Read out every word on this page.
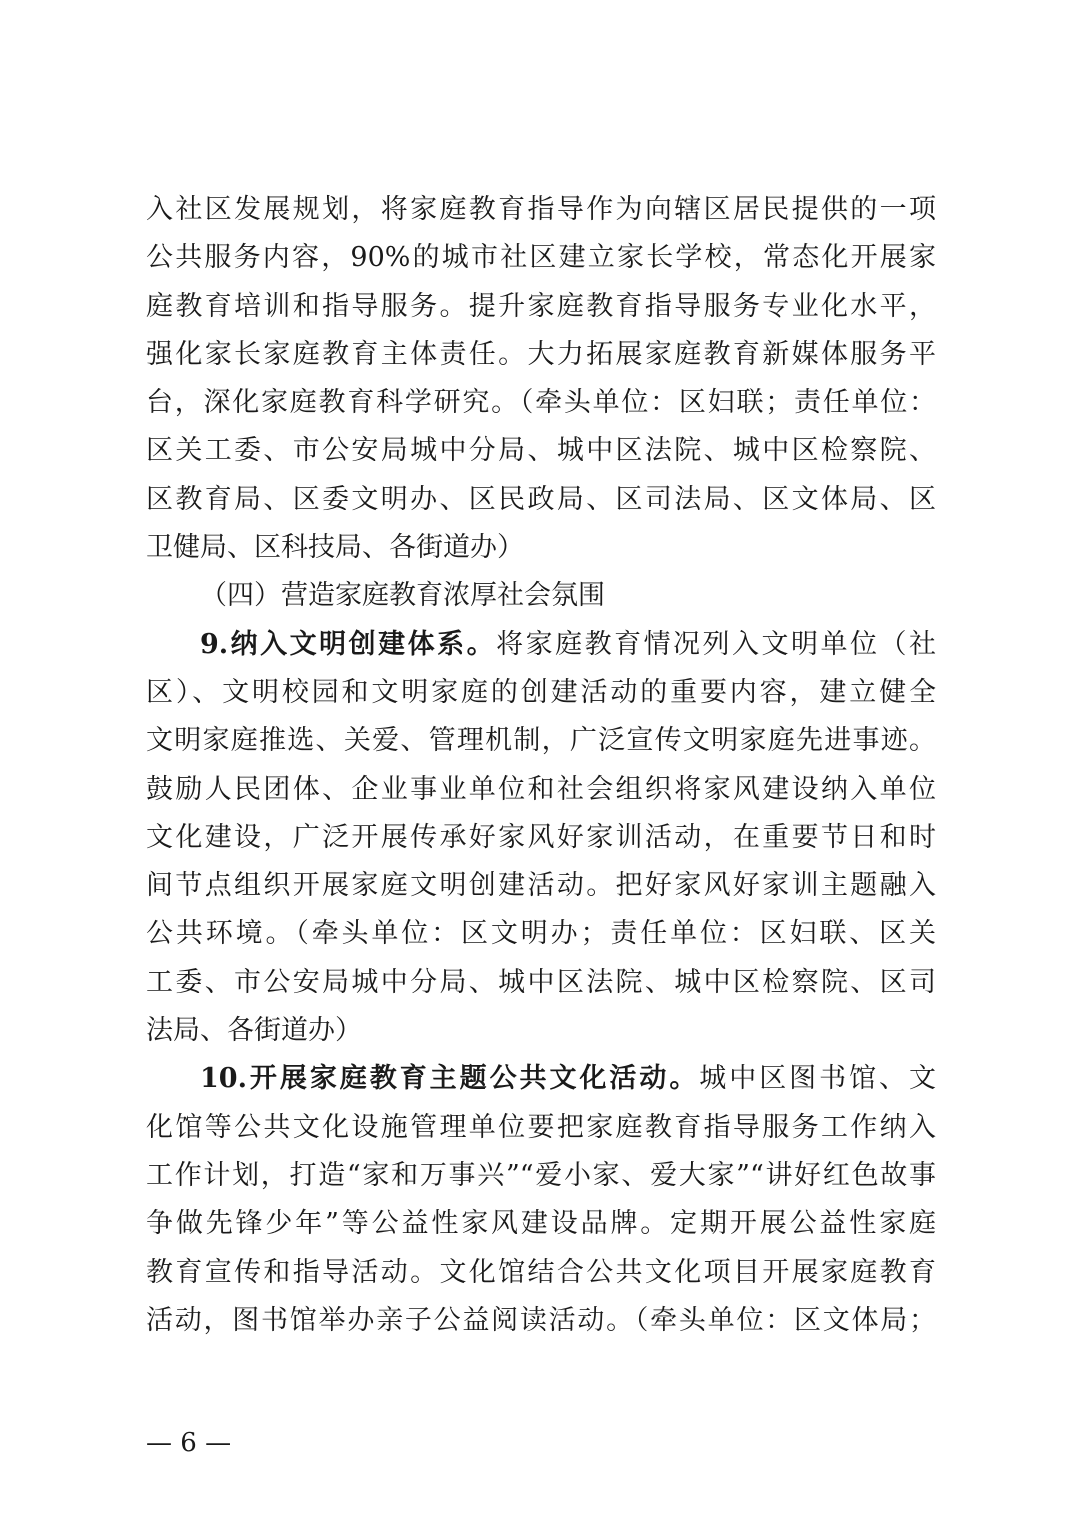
入社区发展规划，将家庭教育指导作为向辖区居民提供的一项
公共服务内容，90%的城市社区建立家长学校，常态化开展家
庭教育培训和指导服务。提升家庭教育指导服务专业化水平，
强化家长家庭教育主体责任。大力拓展家庭教育新媒体服务平
台，深化家庭教育科学研究。（牵头单位：区妇联；责任单位：
区关工委、市公安局城中分局、城中区法院、城中区检察院、
区教育局、区委文明办、区民政局、区司法局、区文体局、区
卫健局、区科技局、各街道办）
（四）营造家庭教育浓厚社会氛围
9.纳入文明创建体系。将家庭教育情况列入文明单位（社
区）、文明校园和文明家庭的创建活动的重要内容，建立健全
文明家庭推选、关爱、管理机制，广泛宣传文明家庭先进事迹。
鼓励人民团体、企业事业单位和社会组织将家风建设纳入单位
文化建设，广泛开展传承好家风好家训活动，在重要节日和时
间节点组织开展家庭文明创建活动。把好家风好家训主题融入
公共环境。（牵头单位：区文明办；责任单位：区妇联、区关
工委、市公安局城中分局、城中区法院、城中区检察院、区司
法局、各街道办）
10.开展家庭教育主题公共文化活动。城中区图书馆、文
化馆等公共文化设施管理单位要把家庭教育指导服务工作纳入
工作计划，打造“家和万事兴”“爱小家、爱大家”“讲好红色故事
争做先锋少年”等公益性家风建设品牌。定期开展公益性家庭
教育宣传和指导活动。文化馆结合公共文化项目开展家庭教育
活动，图书馆举办亲子公益阅读活动。（牵头单位：区文体局；
— 6 —
